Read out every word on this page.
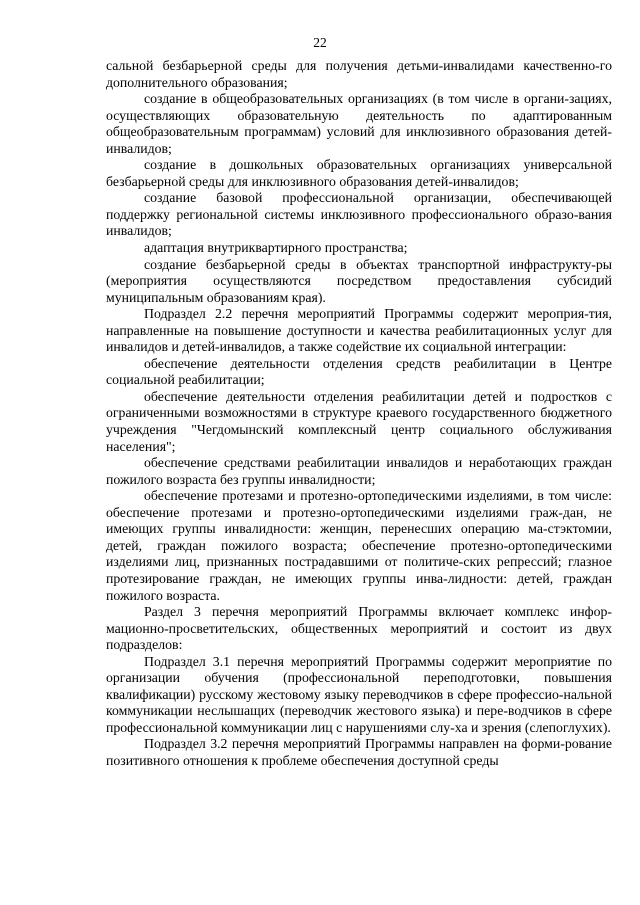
22

сальной безбарьерной среды для получения детьми-инвалидами качественно-го дополнительного образования;

создание в общеобразовательных организациях (в том числе в органи-зациях, осуществляющих образовательную деятельность по адаптированным общеобразовательным программам) условий для инклюзивного образования детей-инвалидов;

создание в дошкольных образовательных организациях универсальной безбарьерной среды для инклюзивного образования детей-инвалидов;

создание базовой профессиональной организации, обеспечивающей поддержку региональной системы инклюзивного профессионального образо-вания инвалидов;

адаптация внутриквартирного пространства;

создание безбарьерной среды в объектах транспортной инфраструкту-ры (мероприятия осуществляются посредством предоставления субсидий муниципальным образованиям края).

Подраздел 2.2 перечня мероприятий Программы содержит мероприя-тия, направленные на повышение доступности и качества реабилитационных услуг для инвалидов и детей-инвалидов, а также содействие их социальной интеграции:

обеспечение деятельности отделения средств реабилитации в Центре социальной реабилитации;

обеспечение деятельности отделения реабилитации детей и подростков с ограниченными возможностями в структуре краевого государственного бюджетного учреждения "Чегдомынский комплексный центр социального обслуживания населения";

обеспечение средствами реабилитации инвалидов и неработающих граждан пожилого возраста без группы инвалидности;

обеспечение протезами и протезно-ортопедическими изделиями, в том числе: обеспечение протезами и протезно-ортопедическими изделиями граж-дан, не имеющих группы инвалидности: женщин, перенесших операцию ма-стэктомии, детей, граждан пожилого возраста; обеспечение протезно-ортопедическими изделиями лиц, признанных пострадавшими от политиче-ских репрессий; глазное протезирование граждан, не имеющих группы инва-лидности: детей, граждан пожилого возраста.

Раздел 3 перечня мероприятий Программы включает комплекс инфор-мационно-просветительских, общественных мероприятий и состоит из двух подразделов:

Подраздел 3.1 перечня мероприятий Программы содержит мероприятие по организации обучения (профессиональной переподготовки, повышения квалификации) русскому жестовому языку переводчиков в сфере профессио-нальной коммуникации неслышащих (переводчик жестового языка) и пере-водчиков в сфере профессиональной коммуникации лиц с нарушениями слу-ха и зрения (слепоглухих).

Подраздел 3.2 перечня мероприятий Программы направлен на форми-рование позитивного отношения к проблеме обеспечения доступной среды
